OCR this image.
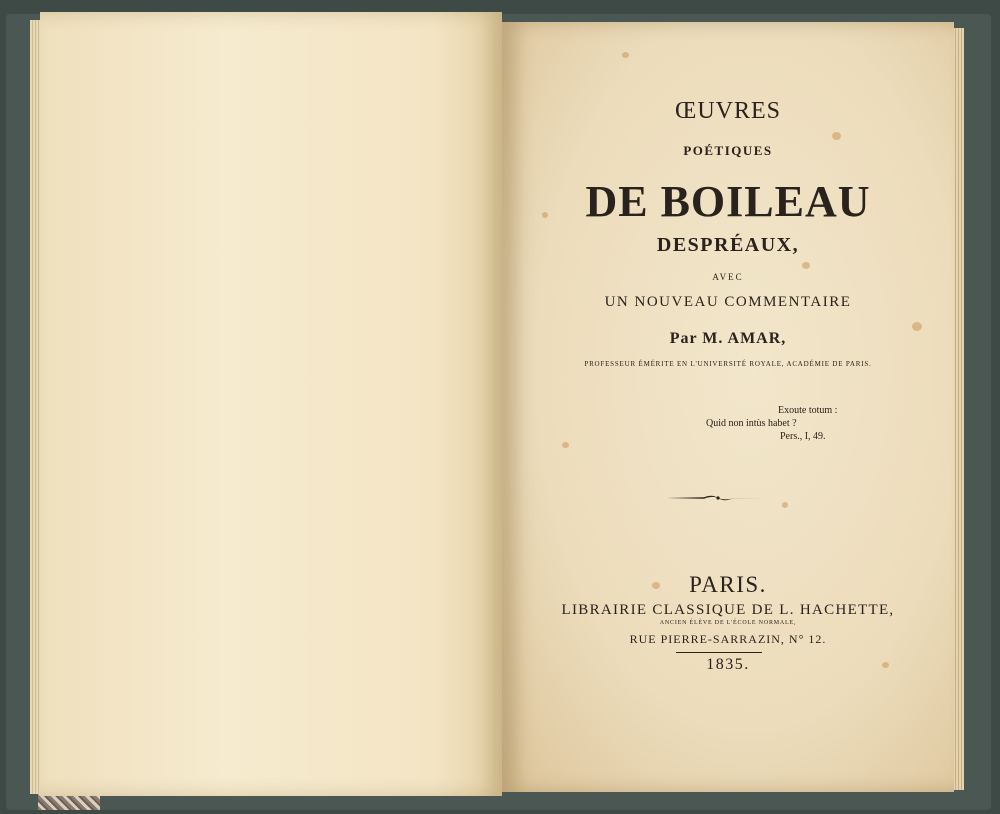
ŒUVRES
POÉTIQUES
DE BOILEAU
DESPRÉAUX,
AVEC
UN NOUVEAU COMMENTAIRE
Par M. AMAR,
PROFESSEUR ÉMÉRITE EN L'UNIVERSITÉ ROYALE, ACADÉMIE DE PARIS.
Exoute totum :
Quid non intùs habet ?
Pers., I, 49.
PARIS.
LIBRAIRIE CLASSIQUE DE L. HACHETTE,
ANCIEN ÉLÈVE DE L'ÉCOLE NORMALE,
RUE PIERRE-SARRAZIN, N° 12.
1835.
